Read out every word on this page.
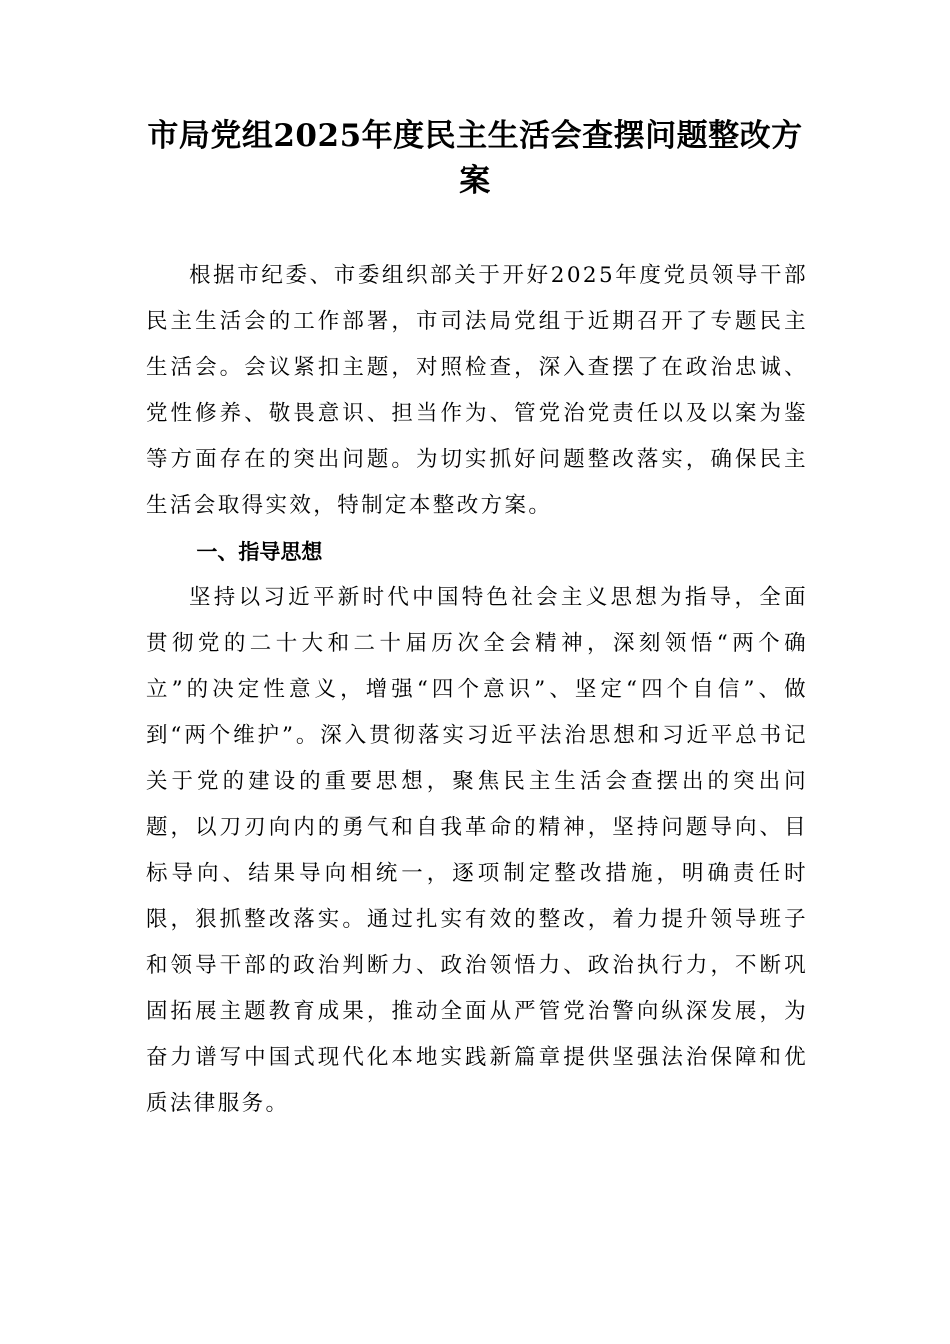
市局党组2025年度民主生活会查摆问题整改方案

根据市纪委、市委组织部关于开好2025年度党员领导干部民主生活会的工作部署，市司法局党组于近期召开了专题民主生活会。会议紧扣主题，对照检查，深入查摆了在政治忠诚、党性修养、敬畏意识、担当作为、管党治党责任以及以案为鉴等方面存在的突出问题。为切实抓好问题整改落实，确保民主生活会取得实效，特制定本整改方案。

一、指导思想

坚持以习近平新时代中国特色社会主义思想为指导，全面贯彻党的二十大和二十届历次全会精神，深刻领悟“两个确立”的决定性意义，增强“四个意识”、坚定“四个自信”、做到“两个维护”。深入贯彻落实习近平法治思想和习近平总书记关于党的建设的重要思想，聚焦民主生活会查摆出的突出问题，以刀刃向内的勇气和自我革命的精神，坚持问题导向、目标导向、结果导向相统一，逐项制定整改措施，明确责任时限，狠抓整改落实。通过扎实有效的整改，着力提升领导班子和领导干部的政治判断力、政治领悟力、政治执行力，不断巩固拓展主题教育成果，推动全面从严管党治警向纵深发展，为奋力谱写中国式现代化本地实践新篇章提供坚强法治保障和优质法律服务。
